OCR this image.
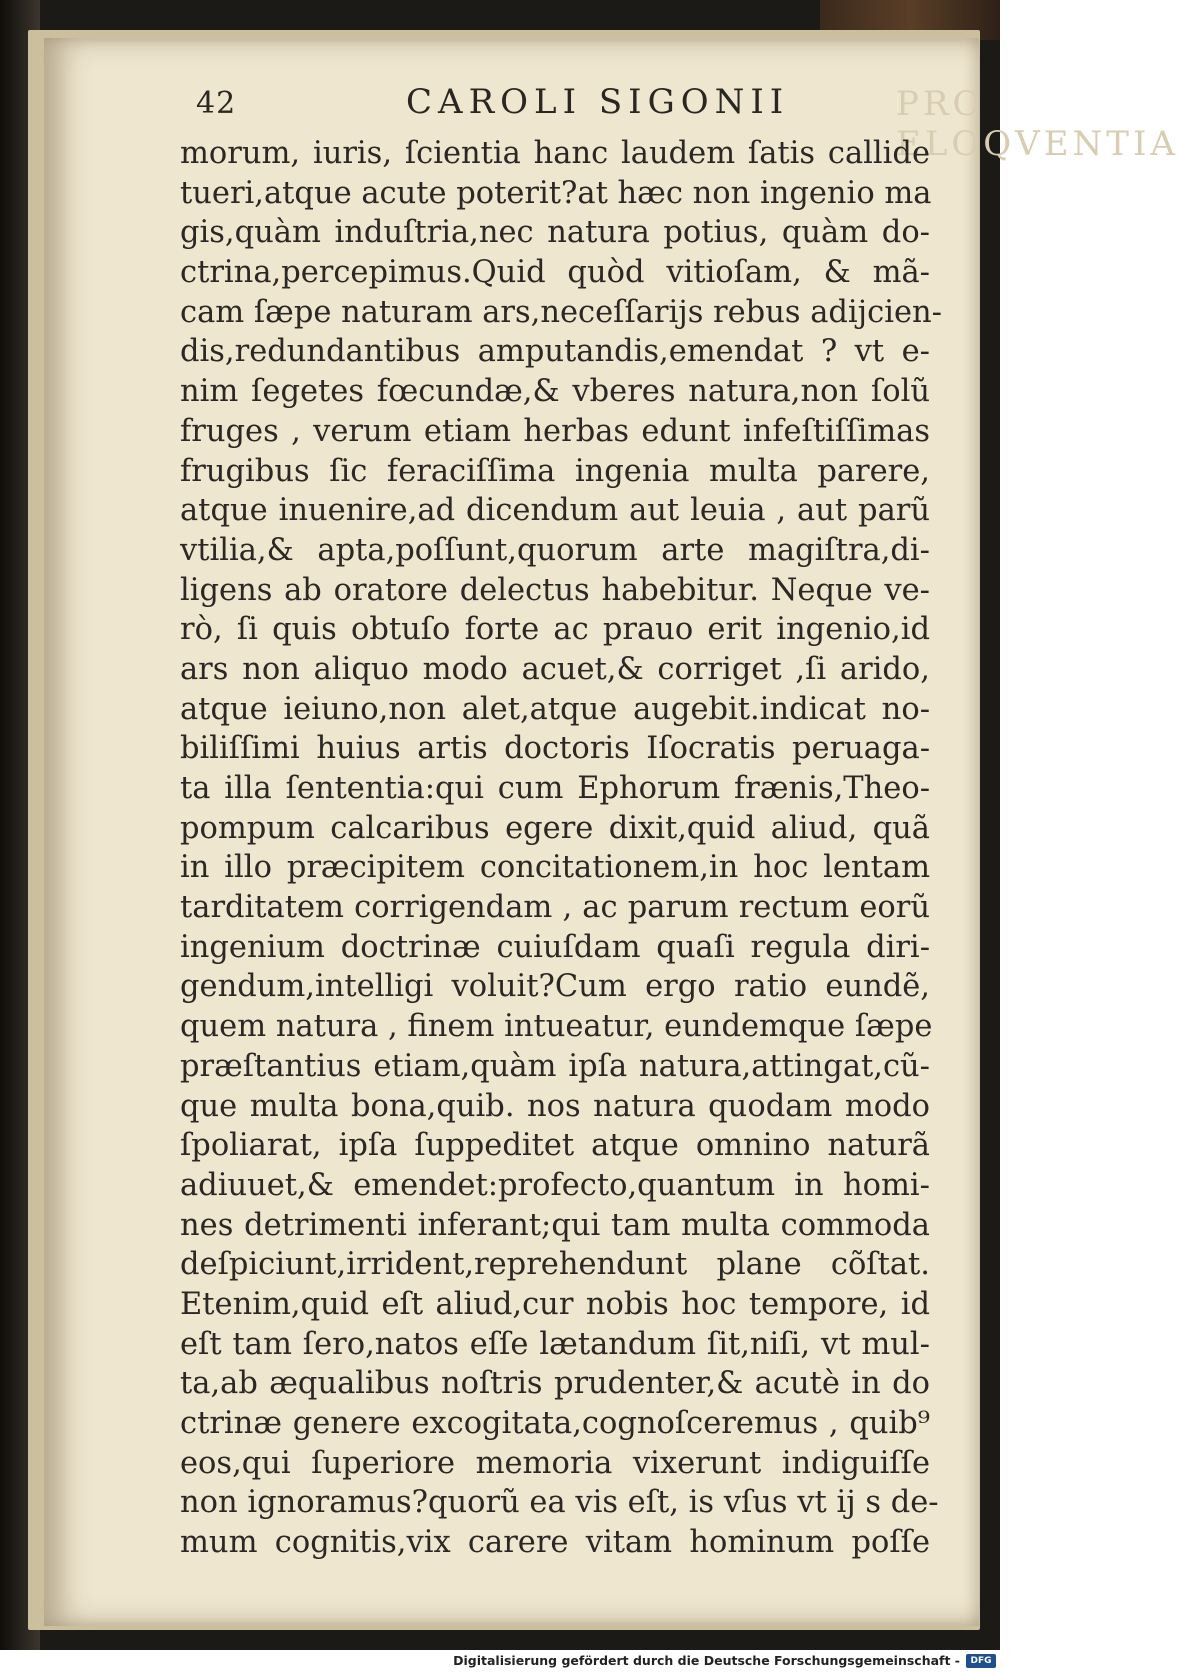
42	CAROLI SIGONII	PRO ELOQVENTIA
morum, iuris, ſcientia hanc laudem ſatis callide
tueri,atque acute poterit?at hæc non ingenio ma
gis,quàm induſtria,nec natura potius, quàm do-
ctrina,percepimus.Quid quòd vitioſam, & mã-
cam ſæpe naturam ars,neceſſarijs rebus adijcien-
dis,redundantibus amputandis,emendat ? vt e-
nim ſegetes fœcundæ,& vberes natura,non ſolũ
fruges , verum etiam herbas edunt infeſtiſſimas
frugibus ſic feraciſſima ingenia multa parere,
atque inuenire,ad dicendum aut leuia , aut parũ
vtilia,& apta,poſſunt,quorum arte magiſtra,di-
ligens ab oratore delectus habebitur. Neque ve-
rò, ſi quis obtuſo forte ac prauo erit ingenio,id
ars non aliquo modo acuet,& corriget ,ſi arido,
atque ieiuno,non alet,atque augebit.indicat no-
biliſſimi huius artis doctoris Iſocratis peruaga-
ta illa ſententia:qui cum Ephorum frænis,Theo-
pompum calcaribus egere dixit,quid aliud, quã
in illo præcipitem concitationem,in hoc lentam
tarditatem corrigendam , ac parum rectum eorũ
ingenium doctrinæ cuiuſdam quaſi regula diri-
gendum,intelligi voluit?Cum ergo ratio eundẽ,
quem natura , finem intueatur, eundemque ſæpe
præſtantius etiam,quàm ipſa natura,attingat,cũ-
que multa bona,quib. nos natura quodam modo
ſpoliarat, ipſa ſuppeditet atque omnino naturã
adiuuet,& emendet:profecto,quantum in homi-
nes detrimenti inferant;qui tam multa commoda
deſpiciunt,irrident,reprehendunt plane cõſtat.
Etenim,quid eſt aliud,cur nobis hoc tempore, id
eſt tam ſero,natos eſſe lætandum ſit,niſi, vt mul-
ta,ab æqualibus noſtris prudenter,& acutè in do
ctrinæ genere excogitata,cognoſceremus , quib⁹
eos,qui ſuperiore memoria vixerunt indiguiſſe
non ignoramus?quorũ ea vis eſt, is vſus vt ij s de-
mum cognitis,vix carere vitam hominum poſſe
Digitalisierung gefördert durch die Deutsche Forschungsgemeinschaft -	DFG
